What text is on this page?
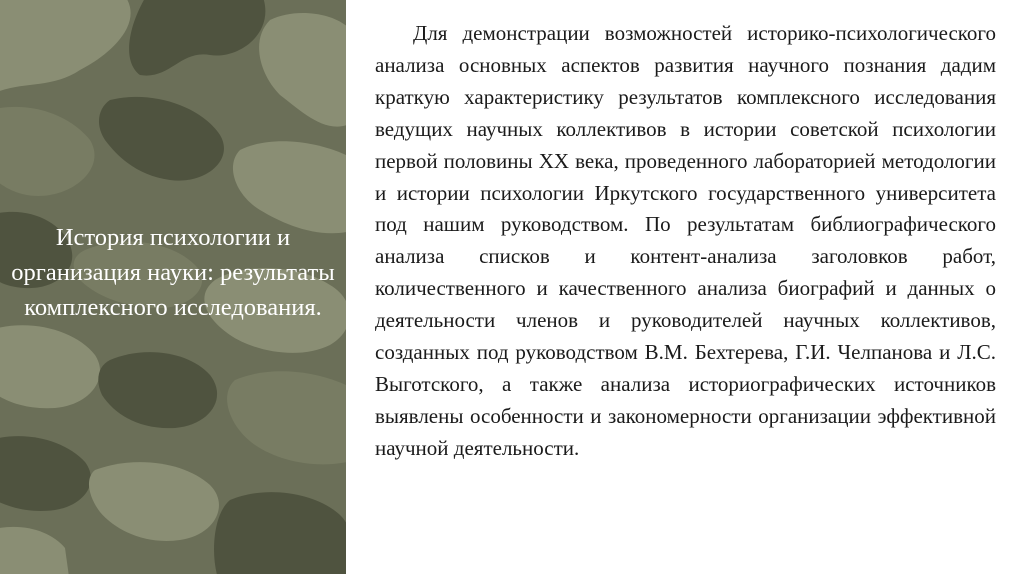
История психологии и организация науки: результаты комплексного исследования.

Для демонстрации возможностей историко-психологического анализа основных аспектов развития научного познания дадим краткую характеристику результатов комплексного исследования ведущих научных коллективов в истории советской психологии первой половины XX века, проведенного лабораторией методологии и истории психологии Иркутского государственного университета под нашим руководством. По результатам библиографического анализа списков и контент-анализа заголовков работ, количественного и качественного анализа биографий и данных о деятельности членов и руководителей научных коллективов, созданных под руководством В.М. Бехтерева, Г.И. Челпанова и Л.С. Выготского, а также анализа историографических источников выявлены особенности и закономерности организации эффективной научной деятельности.
